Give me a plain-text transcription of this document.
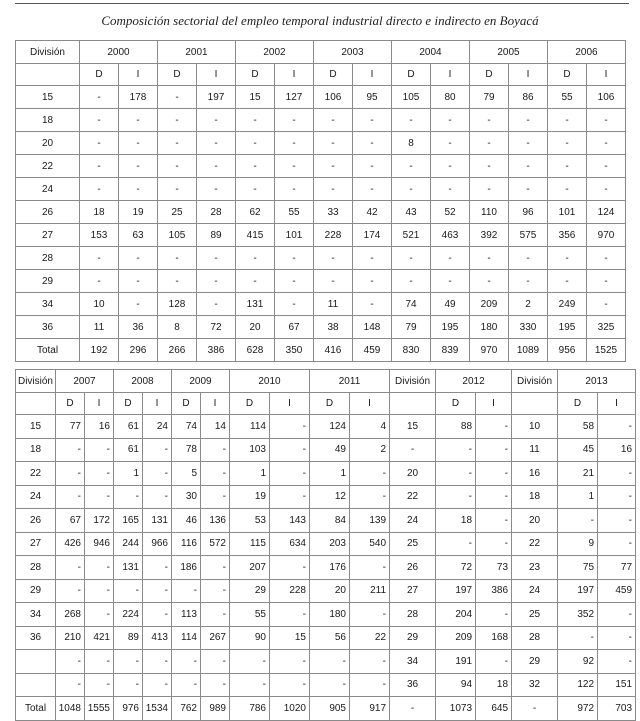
Composición sectorial del empleo temporal industrial directo e indirecto en Boyacá
División	2000		2001		2002		2003		2004		2005		2006	
	D	I	D	I	D	I	D	I	D	I	D	I	D	I
15	-	178	-	197	15	127	106	95	105	80	79	86	55	106
18	-	-	-	-	-	-	-	-	-	-	-	-	-	-
20	-	-	-	-	-	-	-	-	8	-	-	-	-	-
22	-	-	-	-	-	-	-	-	-	-	-	-	-	-
24	-	-	-	-	-	-	-	-	-	-	-	-	-	-
26	18	19	25	28	62	55	33	42	43	52	110	96	101	124
27	153	63	105	89	415	101	228	174	521	463	392	575	356	970
28	-	-	-	-	-	-	-	-	-	-	-	-	-	-
29	-	-	-	-	-	-	-	-	-	-	-	-	-	-
34	10	-	128	-	131	-	11	-	74	49	209	2	249	-
36	11	36	8	72	20	67	38	148	79	195	180	330	195	325
Total	192	296	266	386	628	350	416	459	830	839	970	1089	956	1525
División	2007		2008		2009		2010		2011		División	2012		División	2013	
	D	I	D	I	D	I	D	I	D	I		D	I		D	I
15	77	16	61	24	74	14	114	-	124	4	15	88	-	10	58	-
18	-	-	61	-	78	-	103	-	49	2	-	-	-	11	45	16
22	-	-	1	-	5	-	1	-	1	-	20	-	-	16	21	-
24	-	-	-	-	30	-	19	-	12	-	22	-	-	18	1	-
26	67	172	165	131	46	136	53	143	84	139	24	18	-	20	-	-
27	426	946	244	966	116	572	115	634	203	540	25	-	-	22	9	-
28	-	-	131	-	186	-	207	-	176	-	26	72	73	23	75	77
29	-	-	-	-	-	-	29	228	20	211	27	197	386	24	197	459
34	268	-	224	-	113	-	55	-	180	-	28	204	-	25	352	-
36	210	421	89	413	114	267	90	15	56	22	29	209	168	28	-	-
	-	-	-	-	-	-	-	-	-	-	34	191	-	29	92	-
	-	-	-	-	-	-	-	-	-	-	36	94	18	32	122	151
Total	1048	1555	976	1534	762	989	786	1020	905	917	-	1073	645	-	972	703
